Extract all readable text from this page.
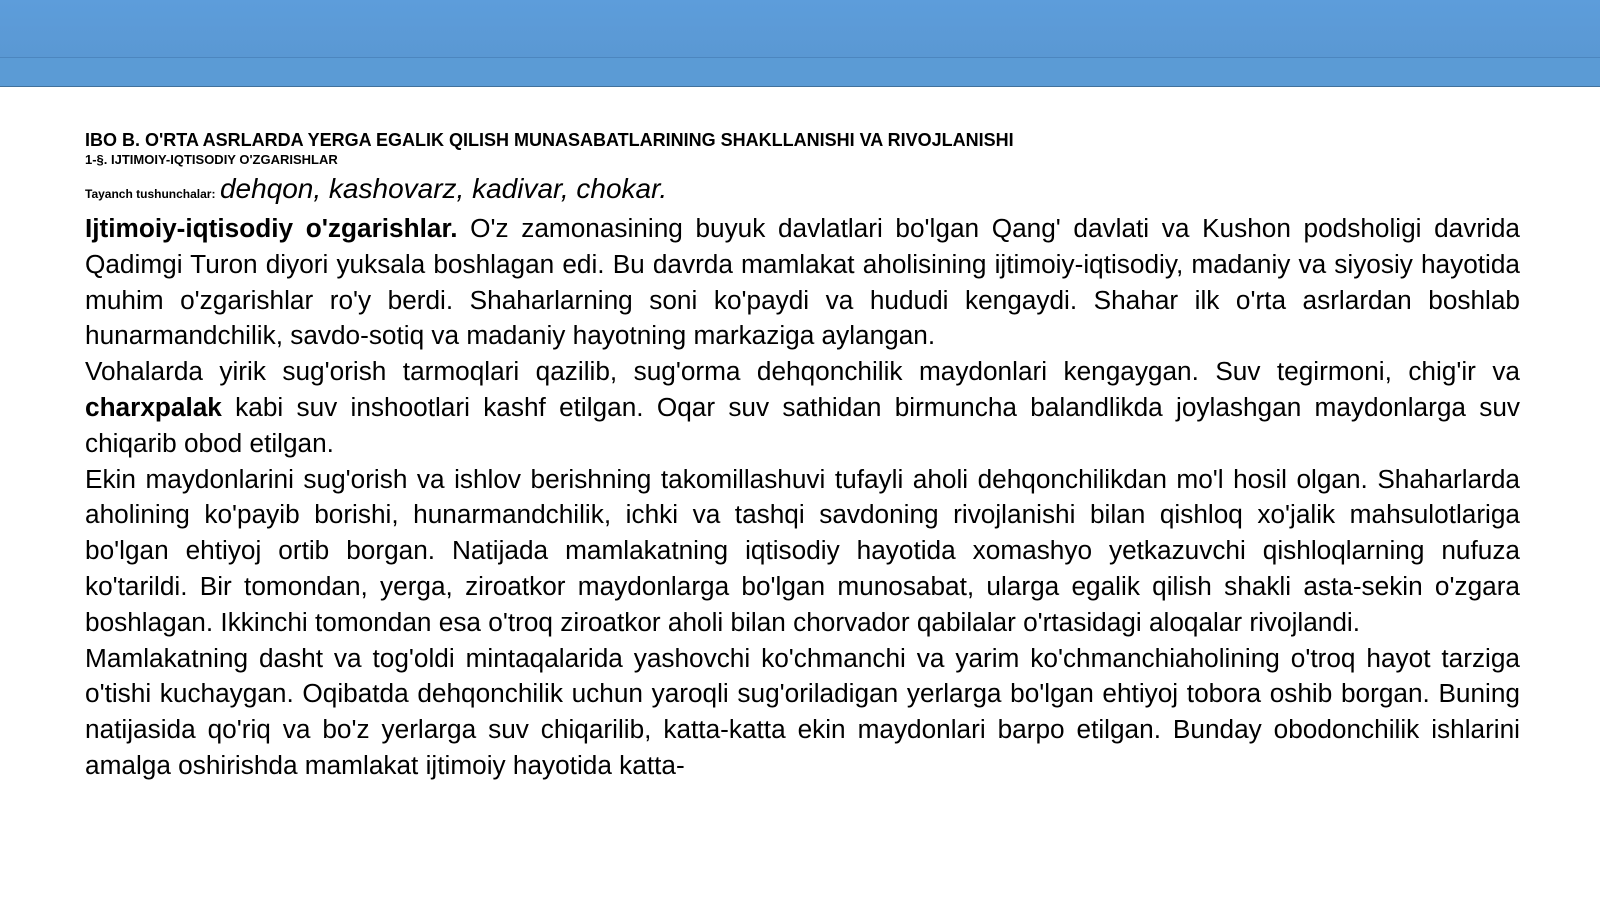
IBO B. O'RTA ASRLARDA YERGA EGALIK QILISH MUNASABATLARINING SHAKLLANISHI VA RIVOJLANISHI

1-§. IJTIMOIY-IQTISODIY O'ZGARISHLAR

Tayanch tushunchalar: dehqon, kashovarz, kadivar, chokar.

Ijtimoiy-iqtisodiy o'zgarishlar. O'z zamonasining buyuk davlatlari bo'lgan Qang' davlati va Kushon podsholigi davrida Qadimgi Turon diyori yuksala boshlagan edi. Bu davrda mamlakat aholisining ijtimoiy-iqtisodiy, madaniy va siyosiy hayotida muhim o'zgarishlar ro'y berdi. Shaharlarning soni ko'paydi va hududi kengaydi. Shahar ilk o'rta asrlardan boshlab hunarmandchilik, savdo-sotiq va madaniy hayotning markaziga aylangan.

Vohalarda yirik sug'orish tarmoqlari qazilib, sug'orma dehqonchilik maydonlari kengaygan. Suv tegirmoni, chig'ir va charxpalak kabi suv inshootlari kashf etilgan. Oqar suv sathidan birmuncha balandlikda joylashgan maydonlarga suv chiqarib obod etilgan.

Ekin maydonlarini sug'orish va ishlov berishning takomillashuvi tufayli aholi dehqonchilikdan mo'l hosil olgan. Shaharlarda aholining ko'payib borishi, hunarmandchilik, ichki va tashqi savdoning rivojlanishi bilan qishloq xo'jalik mahsulotlariga bo'lgan ehtiyoj ortib borgan. Natijada mamlakatning iqtisodiy hayotida xomashyo yetkazuvchi qishloqlarning nufuza ko'tarildi. Bir tomondan, yerga, ziroatkor maydonlarga bo'lgan munosabat, ularga egalik qilish shakli asta-sekin o'zgara boshlagan. Ikkinchi tomondan esa o'troq ziroatkor aholi bilan chorvador qabilalar o'rtasidagi aloqalar rivojlandi.

Mamlakatning dasht va tog'oldi mintaqalarida yashovchi ko'chmanchi va yarim ko'chmanchiaholining o'troq hayot tarziga o'tishi kuchaygan. Oqibatda dehqonchilik uchun yaroqli sug'oriladigan yerlarga bo'lgan ehtiyoj tobora oshib borgan. Buning natijasida qo'riq va bo'z yerlarga suv chiqarilib, katta-katta ekin maydonlari barpo etilgan. Bunday obodonchilik ishlarini amalga oshirishda mamlakat ijtimoiy hayotida katta-
